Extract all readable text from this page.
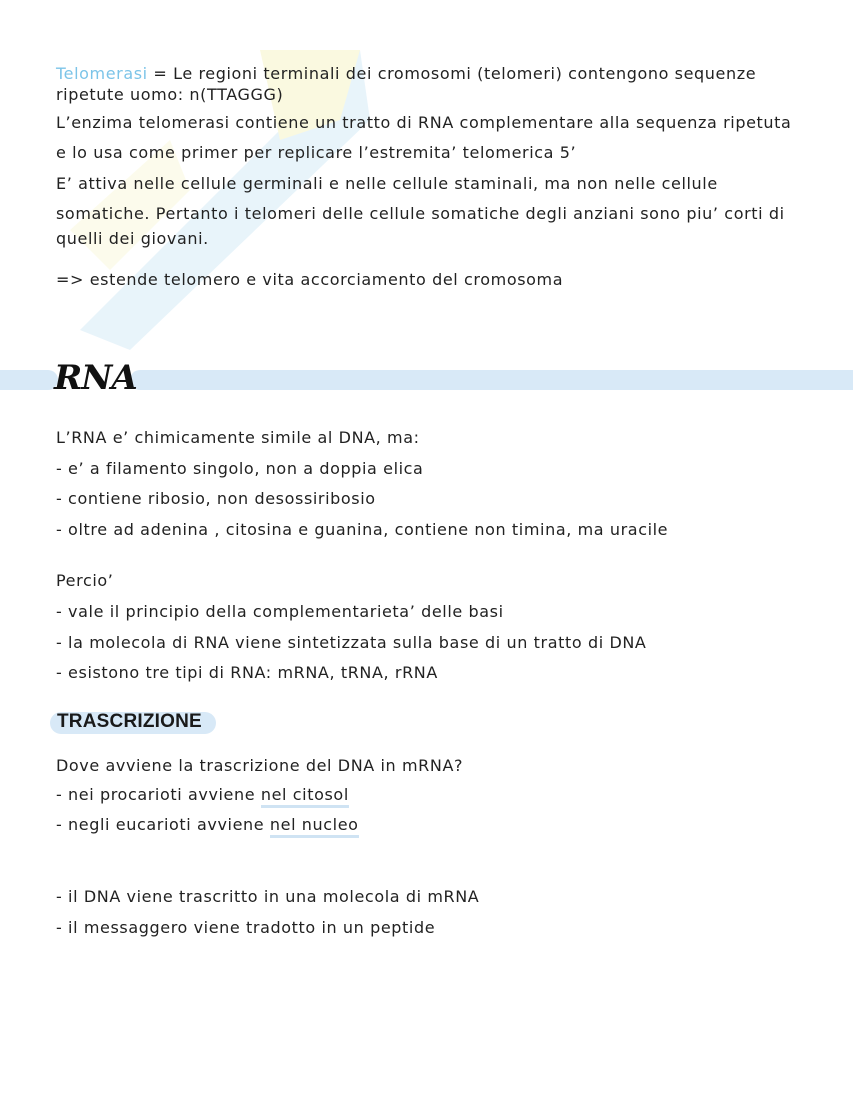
Telomerasi = Le regioni terminali dei cromosomi (telomeri) contengono sequenze
ripetute uomo: n(TTAGGG)
L’enzima telomerasi contiene un tratto di RNA complementare alla sequenza ripetuta
e lo usa come primer per replicare l’estremita’ telomerica 5’
E’ attiva nelle cellule germinali e nelle cellule staminali, ma non nelle cellule
somatiche. Pertanto i telomeri delle cellule somatiche degli anziani sono piu’ corti di
quelli dei giovani.
=> estende telomero e vita accorciamento del cromosoma
RNA
L’RNA e’ chimicamente simile al DNA, ma:
- e’ a filamento singolo, non a doppia elica
- contiene ribosio, non desossiribosio
- oltre ad adenina , citosina e guanina, contiene non timina, ma uracile
Percio’
- vale il principio della complementarieta’ delle basi
- la molecola di RNA viene sintetizzata sulla base di un tratto di DNA
- esistono tre tipi di RNA: mRNA, tRNA, rRNA
TRASCRIZIONE
Dove avviene la trascrizione del DNA in mRNA?
- nei procarioti avviene nel citosol
- negli eucarioti avviene nel nucleo
- il DNA viene trascritto in una molecola di mRNA
- il messaggero viene tradotto in un peptide
